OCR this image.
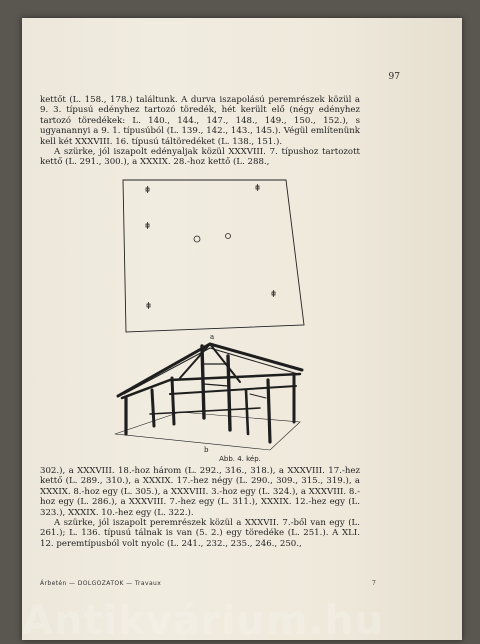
97

kettőt (L. 158., 178.) találtunk. A durva iszapolású peremrészek közül a 9. 3. típusú edényhez tartozó töredék, hét került elő (négy edényhez tartozó töredékek: L. 140., 144., 147., 148., 149., 150., 152.), s ugyanannyi a 9. 1. típusúból (L. 139., 142., 143., 145.). Végül említenünk kell két XXXVIII. 16. típusú táltöredéket (L. 138., 151.).

A szürke, jól iszapolt edényaljak közül XXXVIII. 7. típushoz tartozott kettő (L. 291., 300.), a XXXIX. 28.-hoz kettő (L. 288.,

a
b
Abb. 4. kép.

302.), a XXXVIII. 18.-hoz három (L. 292., 316., 318.), a XXXVIII. 17.-hez kettő (L. 289., 310.), a XXXIX. 17.-hez négy (L. 290., 309., 315., 319.), a XXXIX. 8.-hoz egy (L. 305.), a XXXVIII. 3.-hoz egy (L. 324.), a XXXVIII. 8.-hoz egy (L. 286.), a XXXVIII. 7.-hez egy (L. 311.), XXXIX. 12.-hez egy (L. 323.), XXXIX. 10.-hez egy (L. 322.).

A szürke, jól iszapolt peremrészek közül a XXXVII. 7.-ből van egy (L. 261.); L. 136. típusú tálnak is van (5. 2.) egy töredéke (L. 251.). A XLI. 12. peremtípusból volt nyolc (L. 241., 232., 235., 246., 250.,

Árbetén — DOLGOZATOK — Travaux	7
Antikvárium.hu
